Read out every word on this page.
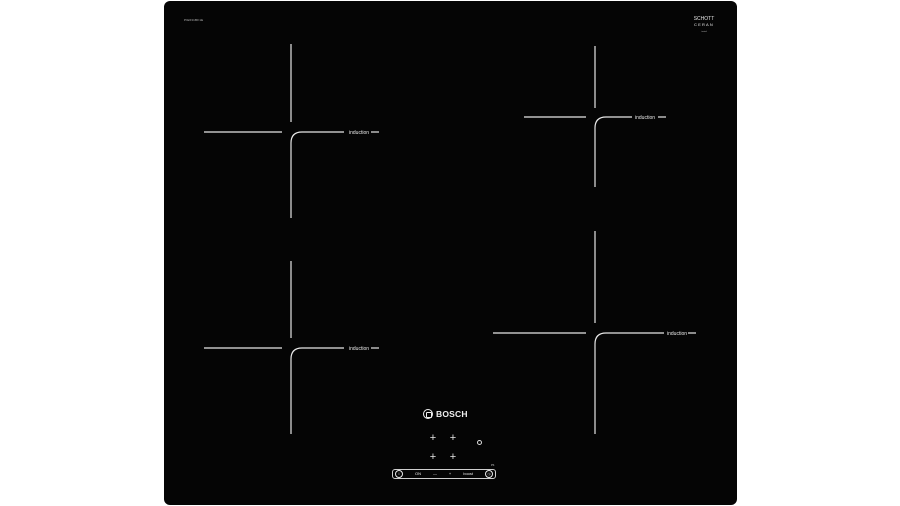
PIE631BF1E	SCHOTT
CERAN
tested
induction
induction
induction
induction
BOSCH
+ +
+ +
PS
I	ON	—	+	boost	◷
